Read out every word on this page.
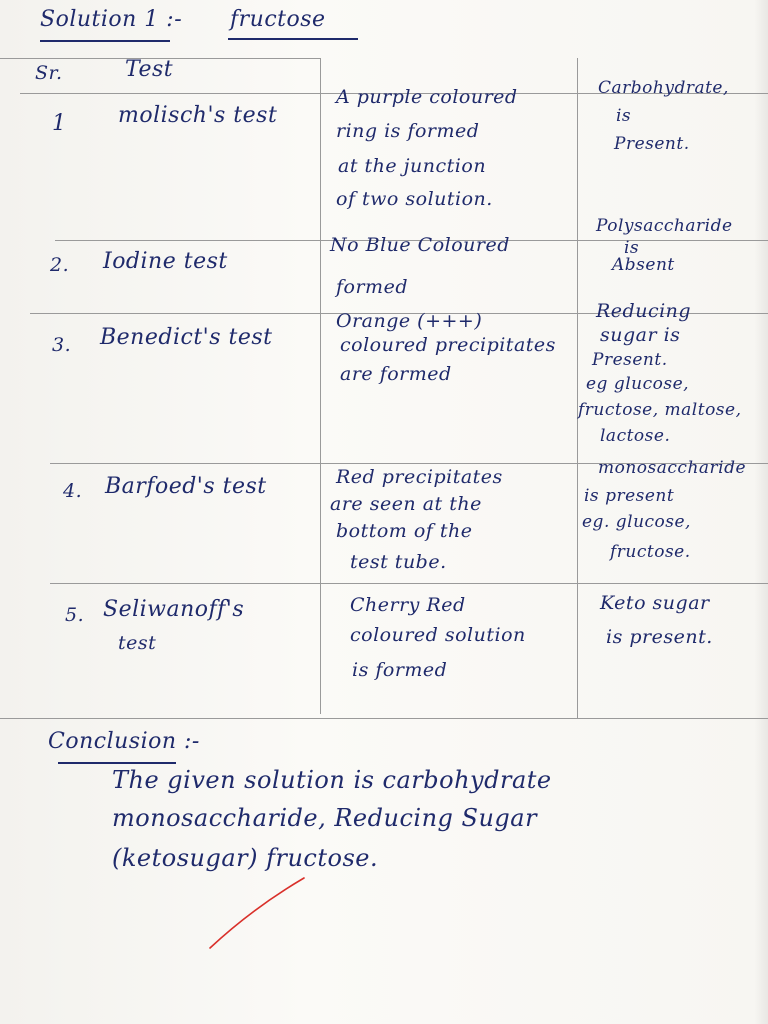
Solution 1 :- fructose
Sr.	Test
1 molisch's test
A purple coloured
ring is formed
at the junction
of two solution.
Carbohydrate,
is
Present.
2. Iodine test
No Blue Coloured
formed
Polysaccharide
is
Absent
3. Benedict's test
Orange (+++)
coloured precipitates
are formed
Reducing
sugar is
Present.
eg glucose,
fructose, maltose,
lactose.
4. Barfoed's test	Red precipitates
are seen at the
bottom of the
test tube.
monosaccharide
is present
eg. glucose,
fructose.
5. Seliwanoff's
test
Cherry Red
coloured solution
is formed
Keto sugar
is present.
Conclusion :-
The given solution is carbohydrate
monosaccharide, Reducing Sugar
(ketosugar) fructose.
